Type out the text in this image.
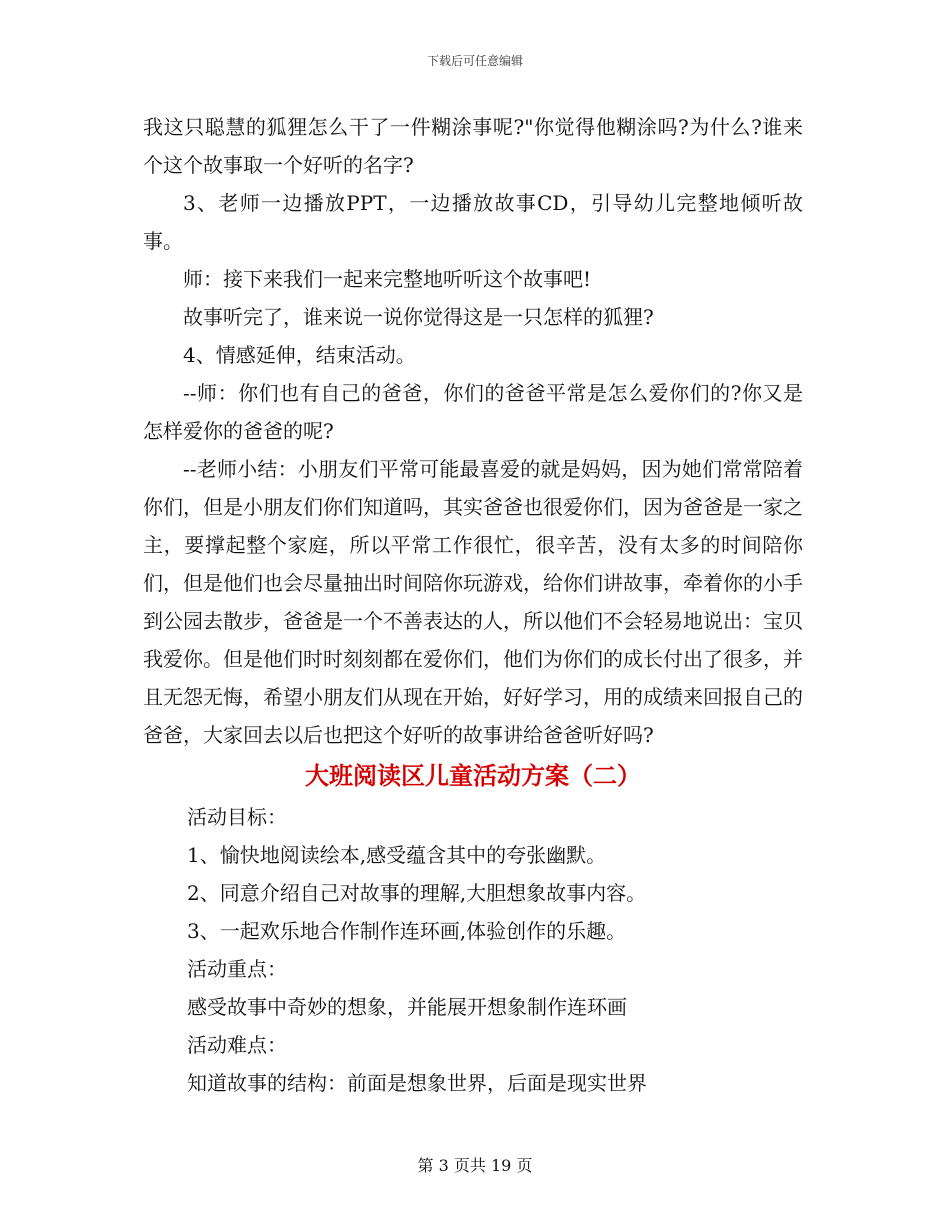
下载后可任意编辑

我这只聪慧的狐狸怎么干了一件糊涂事呢?"你觉得他糊涂吗?为什么?谁来个这个故事取一个好听的名字?

3、老师一边播放PPT，一边播放故事CD，引导幼儿完整地倾听故事。

师：接下来我们一起来完整地听听这个故事吧!

故事听完了，谁来说一说你觉得这是一只怎样的狐狸?

4、情感延伸，结束活动。

--师：你们也有自己的爸爸，你们的爸爸平常是怎么爱你们的?你又是怎样爱你的爸爸的呢?

--老师小结：小朋友们平常可能最喜爱的就是妈妈，因为她们常常陪着你们，但是小朋友们你们知道吗，其实爸爸也很爱你们，因为爸爸是一家之主，要撑起整个家庭，所以平常工作很忙，很辛苦，没有太多的时间陪你们，但是他们也会尽量抽出时间陪你玩游戏，给你们讲故事，牵着你的小手到公园去散步，爸爸是一个不善表达的人，所以他们不会轻易地说出：宝贝我爱你。但是他们时时刻刻都在爱你们，他们为你们的成长付出了很多，并且无怨无悔，希望小朋友们从现在开始，好好学习，用的成绩来回报自己的爸爸，大家回去以后也把这个好听的故事讲给爸爸听好吗?

大班阅读区儿童活动方案（二）

活动目标：

1、愉快地阅读绘本,感受蕴含其中的夸张幽默。

2、同意介绍自己对故事的理解,大胆想象故事内容。

3、一起欢乐地合作制作连环画,体验创作的乐趣。

活动重点：

感受故事中奇妙的想象，并能展开想象制作连环画

活动难点：

知道故事的结构：前面是想象世界，后面是现实世界

第 3 页共 19 页
